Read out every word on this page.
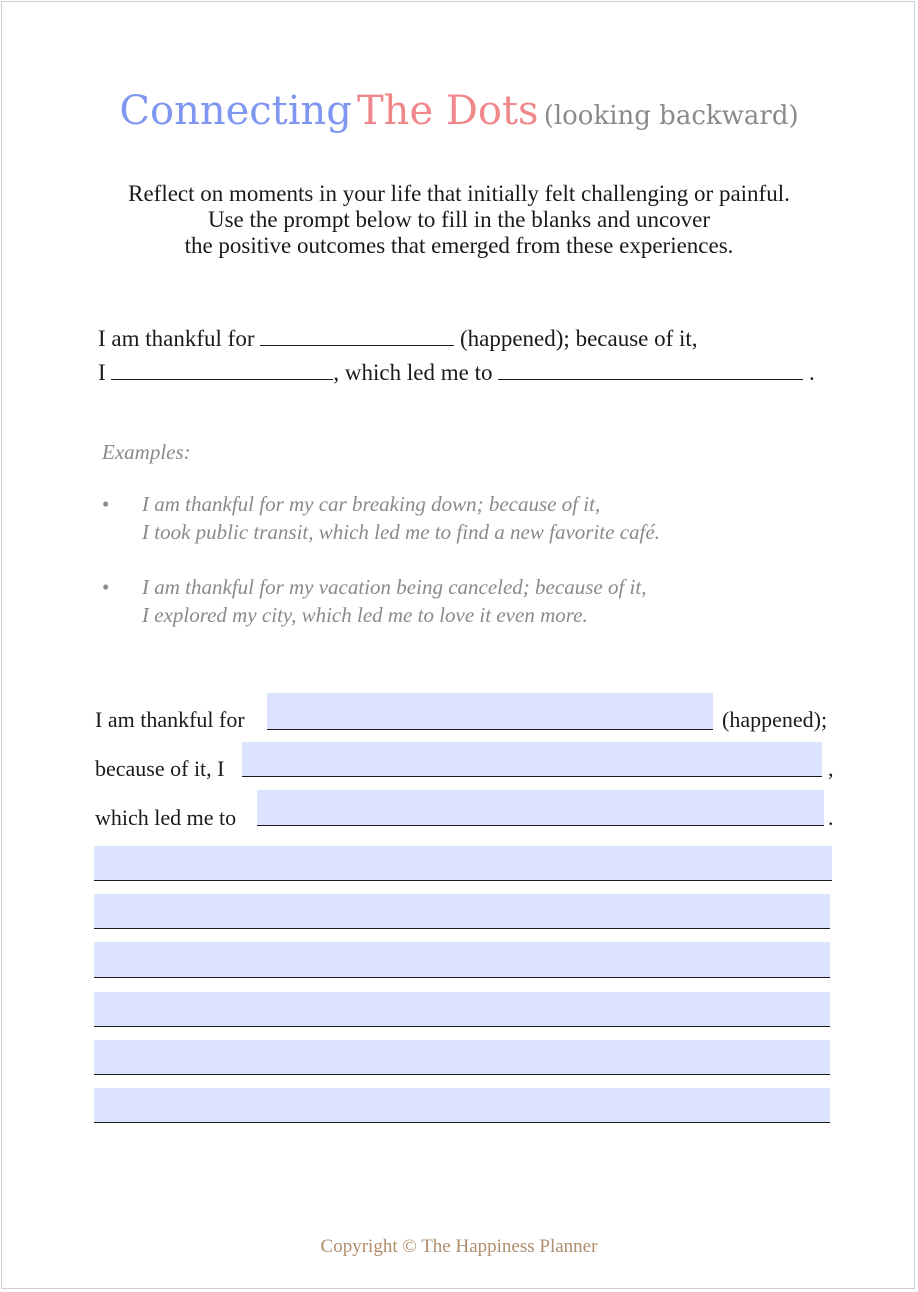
Connecting The Dots (looking backward)
Reflect on moments in your life that initially felt challenging or painful.
Use the prompt below to fill in the blanks and uncover
the positive outcomes that emerged from these experiences.
I am thankful for	(happened); because of it,
I	, which led me to	.
Examples:
• I am thankful for my car breaking down; because of it,
I took public transit, which led me to find a new favorite café.
• I am thankful for my vacation being canceled; because of it,
I explored my city, which led me to love it even more.
I am thankful for	(happened);
because of it, I	,
which led me to	.
Copyright © The Happiness Planner
